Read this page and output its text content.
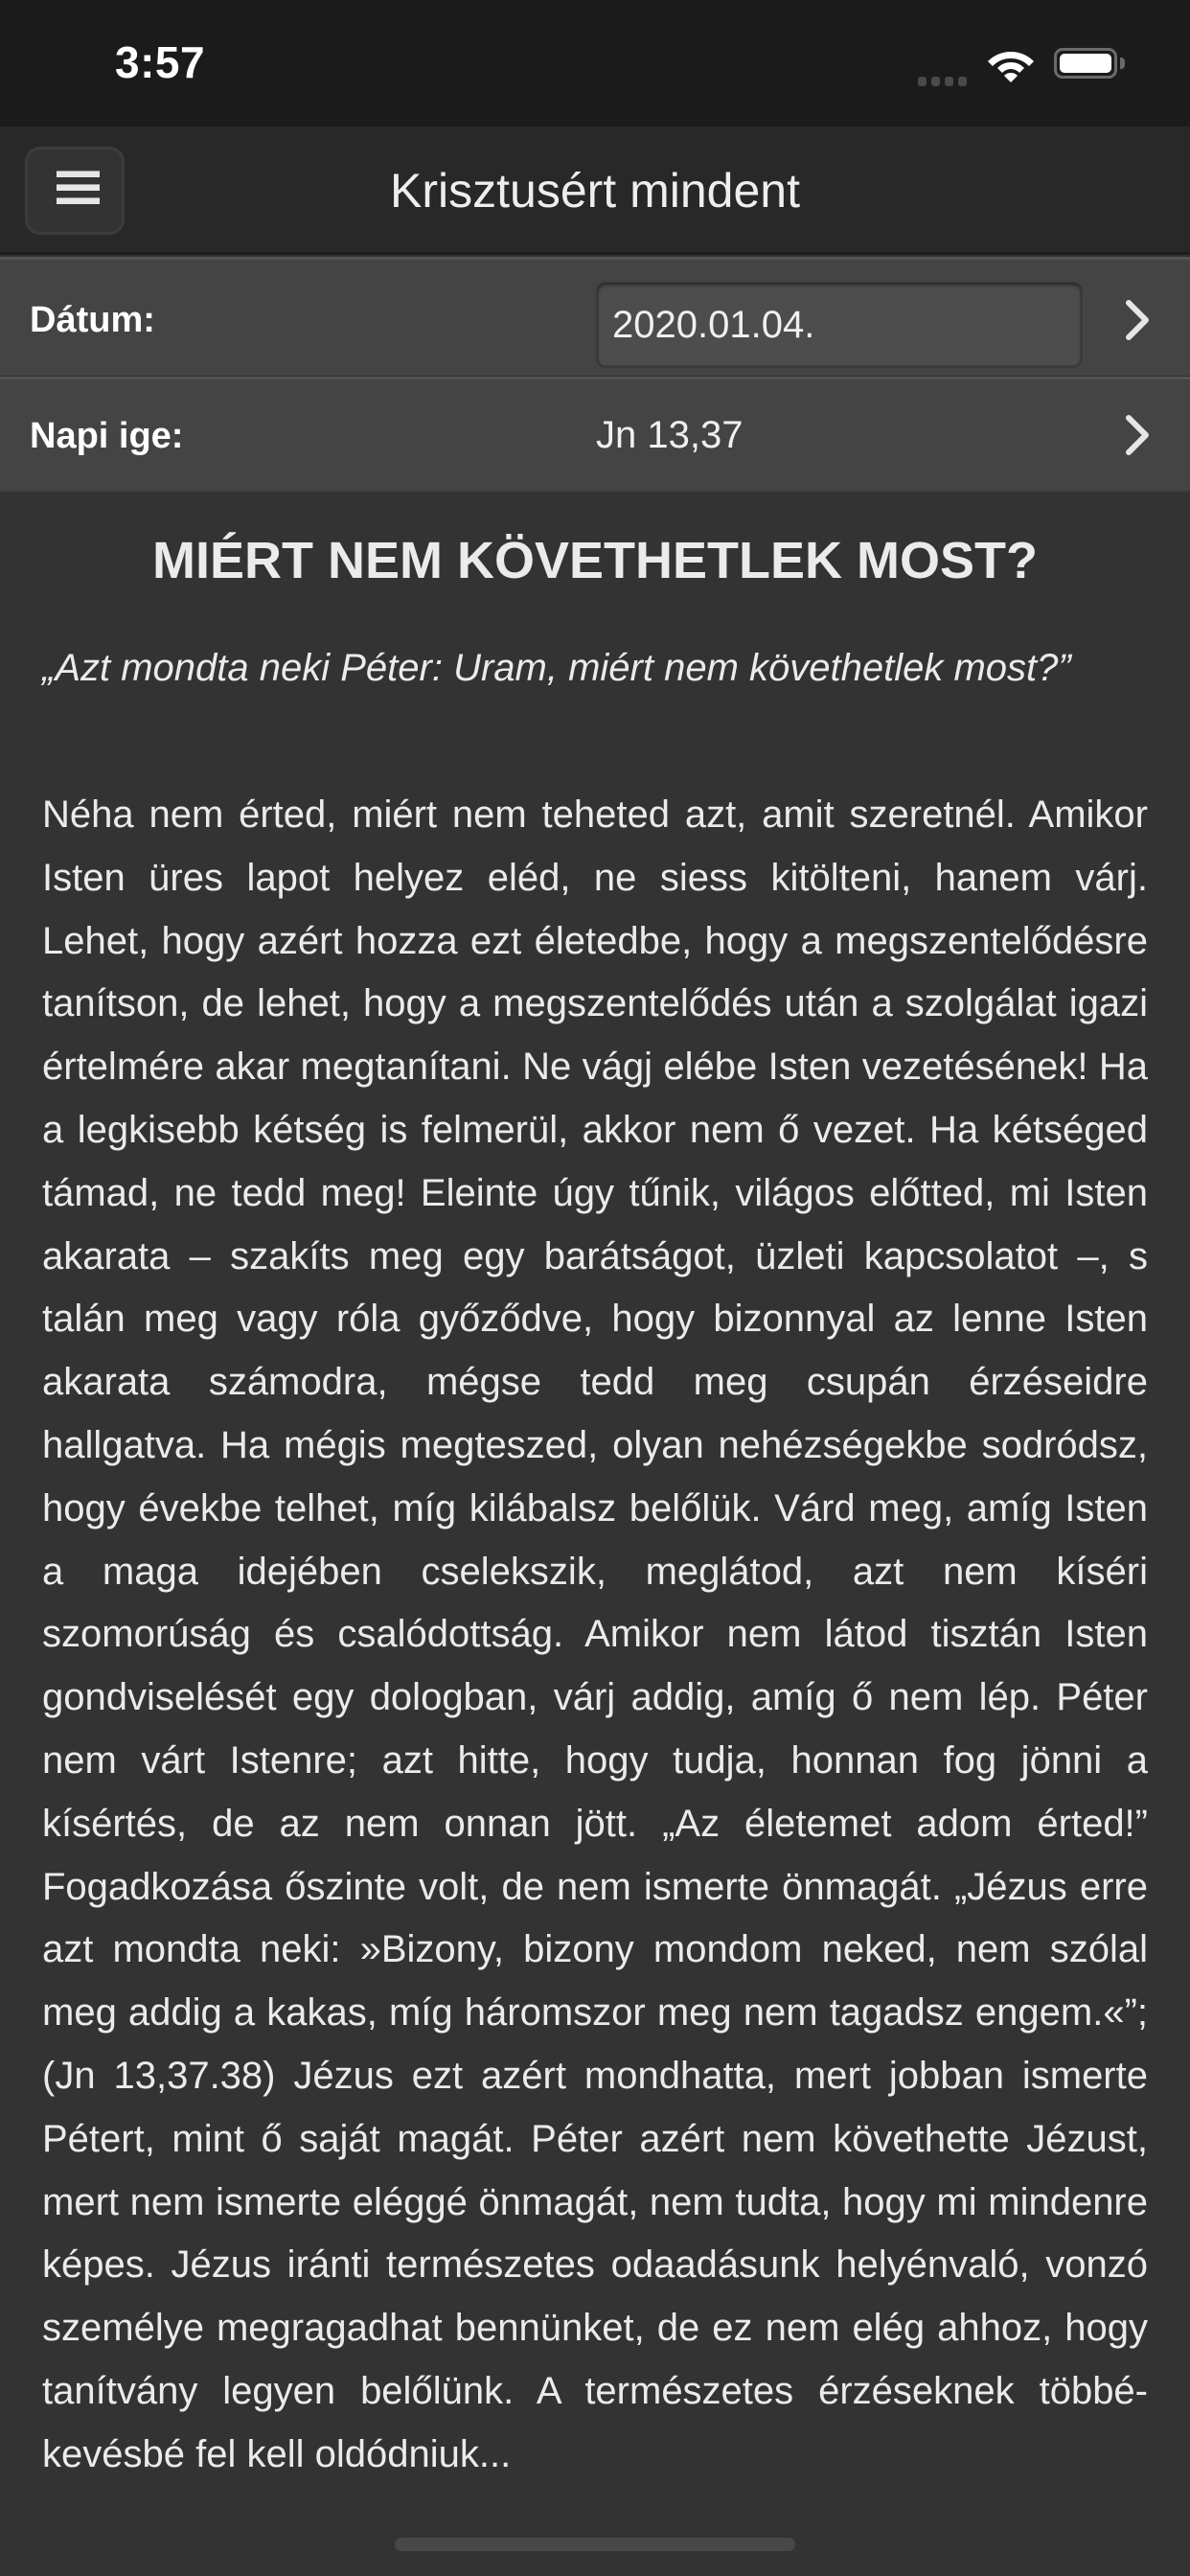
3:57
Krisztusért mindent
Dátum:	2020.01.04.
Napi ige:	Jn 13,37
MIÉRT NEM KÖVETHETLEK MOST?
„Azt mondta neki Péter: Uram, miért nem követhetlek most?”
Néha nem érted, miért nem teheted azt, amit szeretnél. Amikor Isten üres lapot helyez eléd, ne siess kitölteni, hanem várj. Lehet, hogy azért hozza ezt életedbe, hogy a megszentelődésre tanítson, de lehet, hogy a megszentelődés után a szolgálat igazi értelmére akar megtanítani. Ne vágj elébe Isten vezetésének! Ha a legkisebb kétség is felmerül, akkor nem ő vezet. Ha kétséged támad, ne tedd meg! Eleinte úgy tűnik, világos előtted, mi Isten akarata – szakíts meg egy barátságot, üzleti kapcsolatot –, s talán meg vagy róla győződve, hogy bizonnyal az lenne Isten akarata számodra, mégse tedd meg csupán érzéseidre hallgatva. Ha mégis megteszed, olyan nehézségekbe sodródsz, hogy évekbe telhet, míg kilábalsz belőlük. Várd meg, amíg Isten a maga idejében cselekszik, meglátod, azt nem kíséri szomorúság és csalódottság. Amikor nem látod tisztán Isten gondviselését egy dologban, várj addig, amíg ő nem lép. Péter nem várt Istenre; azt hitte, hogy tudja, honnan fog jönni a kísértés, de az nem onnan jött. „Az életemet adom érted!” Fogadkozása őszinte volt, de nem ismerte önmagát. „Jézus erre azt mondta neki: »Bizony, bizony mondom neked, nem szólal meg addig a kakas, míg háromszor meg nem tagadsz engem.«”; (Jn 13,37.38) Jézus ezt azért mondhatta, mert jobban ismerte Pétert, mint ő saját magát. Péter azért nem követhette Jézust, mert nem ismerte eléggé önmagát, nem tudta, hogy mi mindenre képes. Jézus iránti természetes odaadásunk helyénvaló, vonzó személye megragadhat bennünket, de ez nem elég ahhoz, hogy tanítvány legyen belőlünk. A természetes érzéseknek többé-kevésbé fel kell oldódniuk...
